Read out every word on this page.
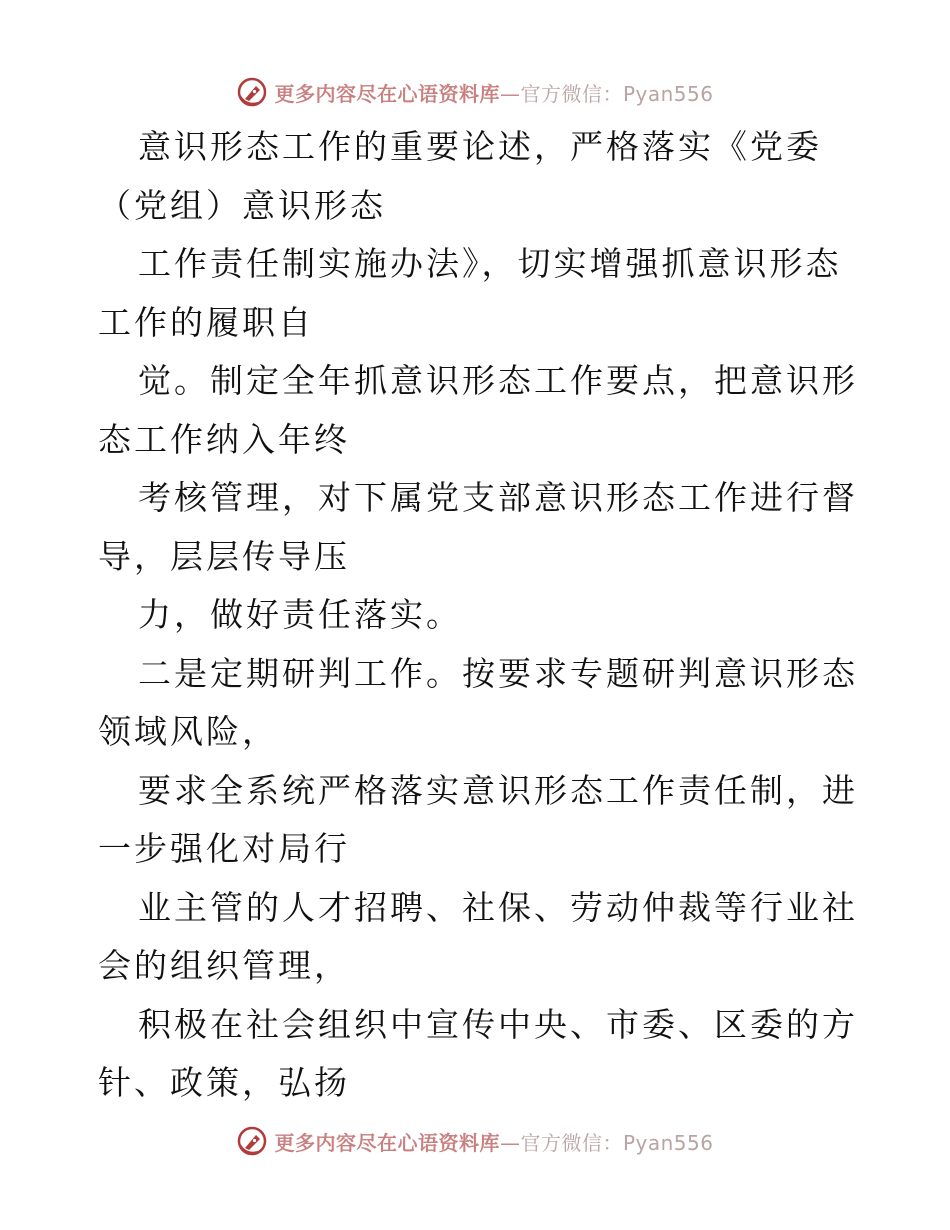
更多内容尽在心语资料库—官方微信：Pyan556

意识形态工作的重要论述，严格落实《党委（党组）意识形态

工作责任制实施办法》，切实增强抓意识形态工作的履职自

觉。制定全年抓意识形态工作要点，把意识形态工作纳入年终

考核管理，对下属党支部意识形态工作进行督导，层层传导压

力，做好责任落实。

二是定期研判工作。按要求专题研判意识形态领域风险，

要求全系统严格落实意识形态工作责任制，进一步强化对局行

业主管的人才招聘、社保、劳动仲裁等行业社会的组织管理，

积极在社会组织中宣传中央、市委、区委的方针、政策，弘扬

更多内容尽在心语资料库—官方微信：Pyan556
